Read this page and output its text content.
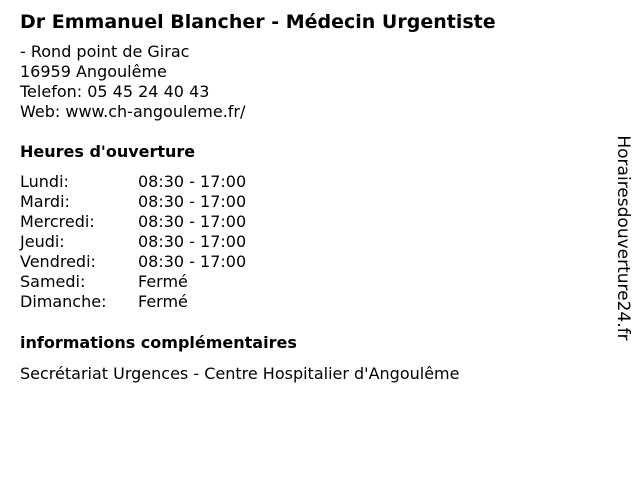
Dr Emmanuel Blancher - Médecin Urgentiste
- Rond point de Girac
16959 Angoulême
Telefon: 05 45 24 40 43
Web: www.ch-angouleme.fr/
Heures d'ouverture
Lundi:	08:30 - 17:00
Mardi:	08:30 - 17:00
Mercredi:	08:30 - 17:00
Jeudi:	08:30 - 17:00
Vendredi:	08:30 - 17:00
Samedi:	Fermé
Dimanche:	Fermé
informations complémentaires
Secrétariat Urgences - Centre Hospitalier d'Angoulême
Horairesdouverture24.fr
